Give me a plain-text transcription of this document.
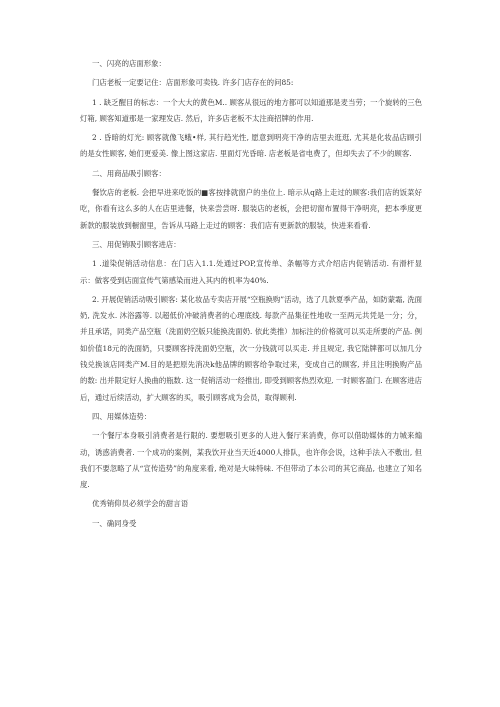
一、闪亮的店面形象：
门店老板一定要记住：店面形象可卖钱. 许多门店存在的问85:
1 . 缺乏醒目的标志：一个大大的黄色M.. 顾客从很远的地方都可以知道那是麦当劳；一个旋转的三色灯箱, 顾客知道那是一家理发店. 然后，许多店老板不太注商招牌的作用.
2 . 昏暗的灯光: 顾客就像飞蛾•样, 其行趋光性, 愿意到明亮干净的店里去逛逛, 尤其是化妆品店顾引的是女性顾客, 她们更爱美. 像上图这家店. 里面灯光昏暗. 店老板是省电费了，但却失去了不少的顾客.
二、用商品吸引顾客：
餐饮店的老板. 会把早进来吃饭的■客按排就窗户的坐位上. 暗示从q路上走过的顾客:我们店的饭菜好吃，你看有这么多的人在店里进餐，快来尝尝呀. 服装店的老板，会把切窗布置得干净明亮，把本季度更新款的服装放到橱窗里，告诉从马路上走过的顾客：我们店有更新款的服装，快进来看看.
三、用促销吸引顾客进店：
1 .道染促销活动信息：在门店入1.1.处通过POP,宣传单、条幅等方式介绍店内促销活动. 有滑杆显示：做客受到店面宣传气第感染而进入其内的机率为40%.
2. 开展促销活动吸引顾客: 某化妆品专卖店开展“空瓶换购”活动，选了几款夏季产品，如防蒙霜, 洗面奶, 洗发水. 沐浴露等. 以超低价冲破消费者的心理底线. 每款产品集征性地收一至两元共凭是一分；分，并且承诺，同类产品空瓶（洗面奶空版只能换洗面奶. 依此类推）加标注的价格就可以买走所要的产品. 例如价值18元的洗面奶，只要顾客持洗面奶空瓶，次一分钱就可以买走. 并且规定, 我它陆牌都可以加几分钱兑换该店同类产M.目的是把原先消决k他品牌的顾客给争取过来，变成自己的顾客, 并且注明换购产品的数: 出并限定好人换曲的瓶数. 这一促销活动一经推出, 即受到顾客热烈欢迎, 一时顾客盈门. 在顾客进店后，通过后续活动，扩大顾客的买，吸引顾客成为会员，取得顾利.
四、用媒体造势：
一个餐厅本身吸引消费者是行限的. 要想吸引更多的人进入餐厅来消费，你可以借助媒体的力城来煽动，诱惑消费者. 一个成功的案例，某我饮开业当天近4000人排队，也许你会说，这种手法入不敷出, 但我们不要忽略了从“宣传造势”的角度来看, 绝对是大味特味. 不但带动了本公司的其它商品, 也建立了知名度.
优秀销仰员必须学会的甜言语
一、确同身受
